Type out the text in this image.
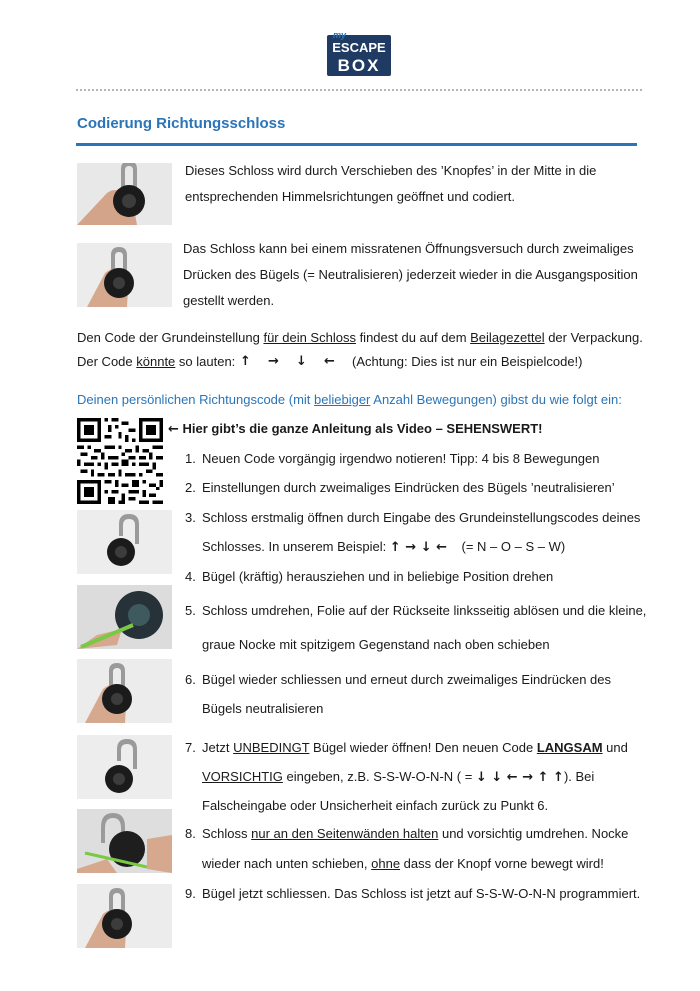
my
ESCAPE
BOX
Codierung Richtungsschloss
Dieses Schloss wird durch Verschieben des ’Knopfes’ in der Mitte in die
entsprechenden Himmelsrichtungen geöffnet und codiert.
Das Schloss kann bei einem missratenen Öffnungsversuch durch zweimaliges
Drücken des Bügels (= Neutralisieren) jederzeit wieder in die Ausgangsposition
gestellt werden.
Den Code der Grundeinstellung für dein Schloss findest du auf dem Beilagezettel der Verpackung.
Der Code könnte so lauten: ↑ → ↓ ← (Achtung: Dies ist nur ein Beispielcode!)
Deinen persönlichen Richtungscode (mit beliebiger Anzahl Bewegungen) gibst du wie folgt ein:
← Hier gibt’s die ganze Anleitung als Video – SEHENSWERT!
1. Neuen Code vorgängig irgendwo notieren! Tipp: 4 bis 8 Bewegungen
2. Einstellungen durch zweimaliges Eindrücken des Bügels ’neutralisieren’
3. Schloss erstmalig öffnen durch Eingabe des Grundeinstellungscodes deines
Schlosses. In unserem Beispiel: ↑ → ↓ ← (= N – O – S – W)
4. Bügel (kräftig) herausziehen und in beliebige Position drehen
5. Schloss umdrehen, Folie auf der Rückseite linksseitig ablösen und die kleine,
graue Nocke mit spitzigem Gegenstand nach oben schieben
6. Bügel wieder schliessen und erneut durch zweimaliges Eindrücken des
Bügels neutralisieren
7. Jetzt UNBEDINGT Bügel wieder öffnen! Den neuen Code LANGSAM und
VORSICHTIG eingeben, z.B. S-S-W-O-N-N ( = ↓ ↓ ← → ↑ ↑). Bei
Falscheingabe oder Unsicherheit einfach zurück zu Punkt 6.
8. Schloss nur an den Seitenwänden halten und vorsichtig umdrehen. Nocke
wieder nach unten schieben, ohne dass der Knopf vorne bewegt wird!
9. Bügel jetzt schliessen. Das Schloss ist jetzt auf S-S-W-O-N-N programmiert.
